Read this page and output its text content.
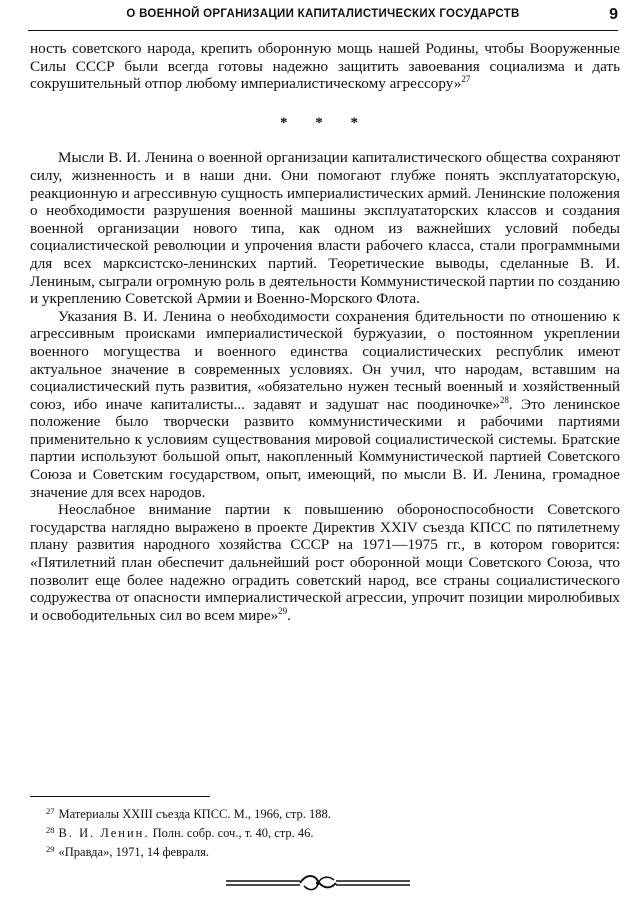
О ВОЕННОЙ ОРГАНИЗАЦИИ КАПИТАЛИСТИЧЕСКИХ ГОСУДАРСТВ	9

ность советского народа, крепить оборонную мощь нашей Родины, чтобы Вооруженные Силы СССР были всегда готовы надежно защитить завоевания социализма и дать сокрушительный отпор любому империалистическому агрессору»$^{27}$

* * *

Мысли В. И. Ленина о военной организации капиталистического общества сохраняют силу, жизненность и в наши дни. Они помогают глубже понять эксплуататорскую, реакционную и агрессивную сущность империалистических армий. Ленинские положения о необходимости разрушения военной машины эксплуататорских классов и создания военной организации нового типа, как одном из важнейших условий победы социалистической революции и упрочения власти рабочего класса, стали программными для всех марксистско-ленинских партий. Теоретические выводы, сделанные В. И. Лениным, сыграли огромную роль в деятельности Коммунистической партии по созданию и укреплению Советской Армии и Военно-Морского Флота.

Указания В. И. Ленина о необходимости сохранения бдительности по отношению к агрессивным происками империалистической буржуазии, о постоянном укреплении военного могущества и военного единства социалистических республик имеют актуальное значение в современных условиях. Он учил, что народам, вставшим на социалистический путь развития, «обязательно нужен тесный военный и хозяйственный союз, ибо иначе капиталисты... задавят и задушат нас поодиночке»$^{28}$. Это ленинское положение было творчески развито коммунистическими и рабочими партиями применительно к условиям существования мировой социалистической системы. Братские партии используют большой опыт, накопленный Коммунистической партией Советского Союза и Советским государством, опыт, имеющий, по мысли В. И. Ленина, громадное значение для всех народов.

Неослабное внимание партии к повышению обороноспособности Советского государства наглядно выражено в проекте Директив XXIV съезда КПСС по пятилетнему плану развития народного хозяйства СССР на 1971—1975 гг., в котором говорится: «Пятилетний план обеспечит дальнейший рост оборонной мощи Советского Союза, что позволит еще более надежно оградить советский народ, все страны социалистического содружества от опасности империалистической агрессии, упрочит позиции миролюбивых и освободительных сил во всем мире»$^{29}$.

$^{27}$ Материалы XXIII съезда КПСС. М., 1966, стр. 188.
$^{28}$ В. И. Ленин. Полн. собр. соч., т. 40, стр. 46.
$^{29}$ «Правда», 1971, 14 февраля.
